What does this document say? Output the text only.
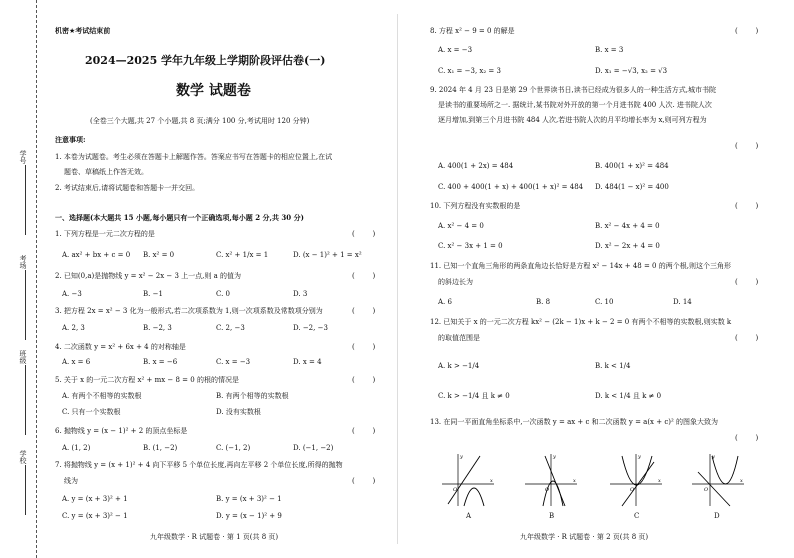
学号
考场
班级
学校
机密★考试结束前
2024—2025 学年九年级上学期阶段评估卷(一)
数学 试题卷
(全卷三个大题,共 27 个小题,共 8 页;满分 100 分,考试用时 120 分钟)
注意事项:
1. 本卷为试题卷。考生必须在答题卡上解题作答。答案应书写在答题卡的相应位置上,在试
题卷、草稿纸上作答无效。
2. 考试结束后,请将试题卷和答题卡一并交回。
一、选择题(本大题共 15 小题,每小题只有一个正确选项,每小题 2 分,共 30 分)
1. 下列方程是一元二次方程的是	(        )
A. ax² + bx + c = 0 B. x² = 0	C. x² + 1/x = 1	D. (x − 1)² + 1 = x²
2. 已知(0,a)是抛物线 y = x² − 2x − 3 上一点,则 a 的值为	(        )
A. −3	B. −1	C. 0	D. 3
3. 把方程 2x = x² − 3 化为一般形式,若二次项系数为 1,则一次项系数及常数项分别为	(        )
A. 2, 3	B. −2, 3	C. 2, −3	D. −2, −3
4. 二次函数 y = x² + 6x + 4 的对称轴是	(        )
A. x = 6	B. x = −6	C. x = −3	D. x = 4
5. 关于 x 的一元二次方程 x² + mx − 8 = 0 的根的情况是	(        )
A. 有两个不相等的实数根	B. 有两个相等的实数根
C. 只有一个实数根	D. 没有实数根
6. 抛物线 y = (x − 1)² + 2 的顶点坐标是	(        )
A. (1, 2)	B. (1, −2)	C. (−1, 2)	D. (−1, −2)
7. 将抛物线 y = (x + 1)² + 4 向下平移 5 个单位长度,再向左平移 2 个单位长度,所得的抛物
线为	(        )
A. y = (x + 3)² + 1	B. y = (x + 3)² − 1
C. y = (x + 3)² − 1	D. y = (x − 1)² + 9
九年级数学 · R 试题卷 · 第 1 页(共 8 页)
8. 方程 x² − 9 = 0 的解是	(        )
A. x = −3	B. x = 3
C. x₁ = −3, x₂ = 3	D. x₁ = −√3, x₂ = √3
9. 2024 年 4 月 23 日是第 29 个世界读书日,读书已经成为很多人的一种生活方式,城市书院
是读书的重要场所之一. 据统计,某书院对外开放的第一个月进书院 400 人次. 进书院人次
逐月增加,到第三个月进书院 484 人次,若进书院人次的月平均增长率为 x,则可列方程为
(        )
A. 400(1 + 2x) = 484	B. 400(1 + x)² = 484
C. 400 + 400(1 + x) + 400(1 + x)² = 484 D. 484(1 − x)² = 400
10. 下列方程没有实数根的是	(        )
A. x² − 4 = 0	B. x² − 4x + 4 = 0
C. x² − 3x + 1 = 0	D. x² − 2x + 4 = 0
11. 已知一个直角三角形的两条直角边长恰好是方程 x² − 14x + 48 = 0 的两个根,则这个三角形
的斜边长为	(        )
A. 6	B. 8	C. 10	D. 14
12. 已知关于 x 的一元二次方程 kx² − (2k − 1)x + k − 2 = 0 有两个不相等的实数根,则实数 k
的取值范围是	(        )
A. k > −1/4	B. k < 1/4
C. k > −1/4 且 k ≠ 0	D. k < 1/4 且 k ≠ 0
13. 在同一平面直角坐标系中,一次函数 y = ax + c 和二次函数 y = a(x + c)² 的图象大致为
(        )
O
x
y
A
O
x
y
B
O
x
y
C
O
x
y
D
九年级数学 · R 试题卷 · 第 2 页(共 8 页)
